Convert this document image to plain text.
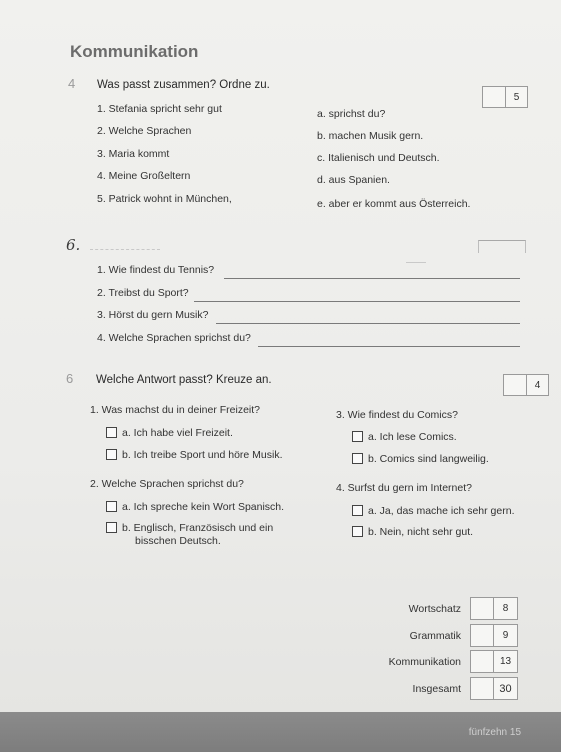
Kommunikation
4 Was passt zusammen? Ordne zu.
5
1. Stefania spricht sehr gut
2. Welche Sprachen
3. Maria kommt
4. Meine Großeltern
5. Patrick wohnt in München,
a. sprichst du?
b. machen Musik gern.
c. Italienisch und Deutsch.
d. aus Spanien.
e. aber er kommt aus Österreich.
6.
1. Wie findest du Tennis?
2. Treibst du Sport?
3. Hörst du gern Musik?
4. Welche Sprachen sprichst du?
6 Welche Antwort passt? Kreuze an.	4
1. Was machst du in deiner Freizeit?
a. Ich habe viel Freizeit.
b. Ich treibe Sport und höre Musik.
2. Welche Sprachen sprichst du?
a. Ich spreche kein Wort Spanisch.
b. Englisch, Französisch und ein
bisschen Deutsch.
3. Wie findest du Comics?
a. Ich lese Comics.
b. Comics sind langweilig.
4. Surfst du gern im Internet?
a. Ja, das mache ich sehr gern.
b. Nein, nicht sehr gut.
Wortschatz	8
Grammatik	9
Kommunikation	13
Insgesamt	30
fünfzehn 15
